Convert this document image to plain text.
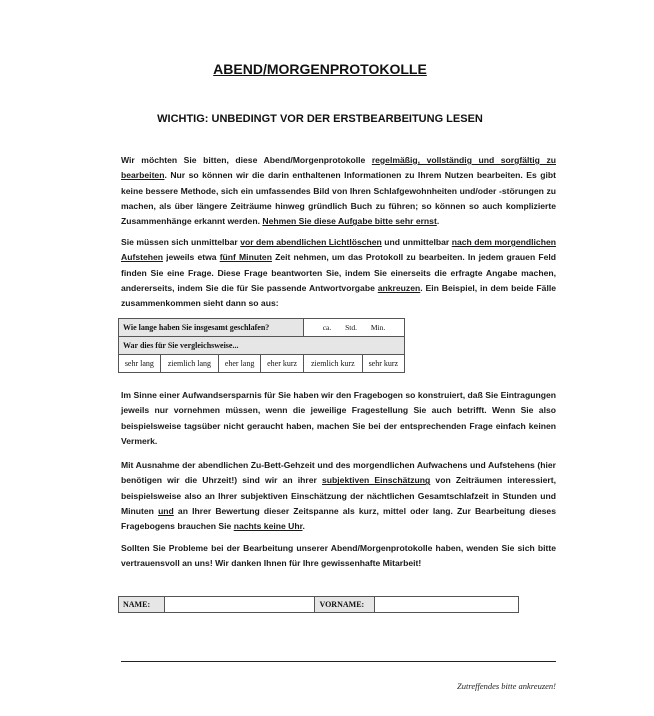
ABEND/MORGENPROTOKOLLE
WICHTIG: UNBEDINGT VOR DER ERSTBEARBEITUNG LESEN
Wir möchten Sie bitten, diese Abend/Morgenprotokolle regelmäßig, vollständig und sorgfältig zu bearbeiten. Nur so können wir die darin enthaltenen Informationen zu Ihrem Nutzen bearbeiten. Es gibt keine bessere Methode, sich ein umfassendes Bild von Ihren Schlafgewohnheiten und/oder -störungen zu machen, als über längere Zeiträume hinweg gründlich Buch zu führen; so können so auch komplizierte Zusammenhänge erkannt werden. Nehmen Sie diese Aufgabe bitte sehr ernst.
Sie müssen sich unmittelbar vor dem abendlichen Lichtlöschen und unmittelbar nach dem morgendlichen Aufstehen jeweils etwa fünf Minuten Zeit nehmen, um das Protokoll zu bearbeiten. In jedem grauen Feld finden Sie eine Frage. Diese Frage beantworten Sie, indem Sie einerseits die erfragte Angabe machen, andererseits, indem Sie die für Sie passende Antwortvorgabe ankreuzen. Ein Beispiel, in dem beide Fälle zusammenkommen sieht dann so aus:
Wie lange haben Sie insgesamt geschlafen?				ca. Std. Min.	
War dies für Sie vergleichsweise...					
sehr lang	ziemlich lang	eher lang	eher kurz	ziemlich kurz	sehr kurz
Im Sinne einer Aufwandsersparnis für Sie haben wir den Fragebogen so konstruiert, daß Sie Eintragungen jeweils nur vornehmen müssen, wenn die jeweilige Fragestellung Sie auch betrifft. Wenn Sie also beispielsweise tagsüber nicht geraucht haben, machen Sie bei der entsprechenden Frage einfach keinen Vermerk.
Mit Ausnahme der abendlichen Zu-Bett-Gehzeit und des morgendlichen Aufwachens und Aufstehens (hier benötigen wir die Uhrzeit!) sind wir an ihrer subjektiven Einschätzung von Zeiträumen interessiert, beispielsweise also an Ihrer subjektiven Einschätzung der nächtlichen Gesamtschlafzeit in Stunden und Minuten und an Ihrer Bewertung dieser Zeitspanne als kurz, mittel oder lang. Zur Bearbeitung dieses Fragebogens brauchen Sie nachts keine Uhr.
Sollten Sie Probleme bei der Bearbeitung unserer Abend/Morgenprotokolle haben, wenden Sie sich bitte vertrauensvoll an uns! Wir danken Ihnen für Ihre gewissenhafte Mitarbeit!
NAME:		VORNAME:	
Zutreffendes bitte ankreuzen!
